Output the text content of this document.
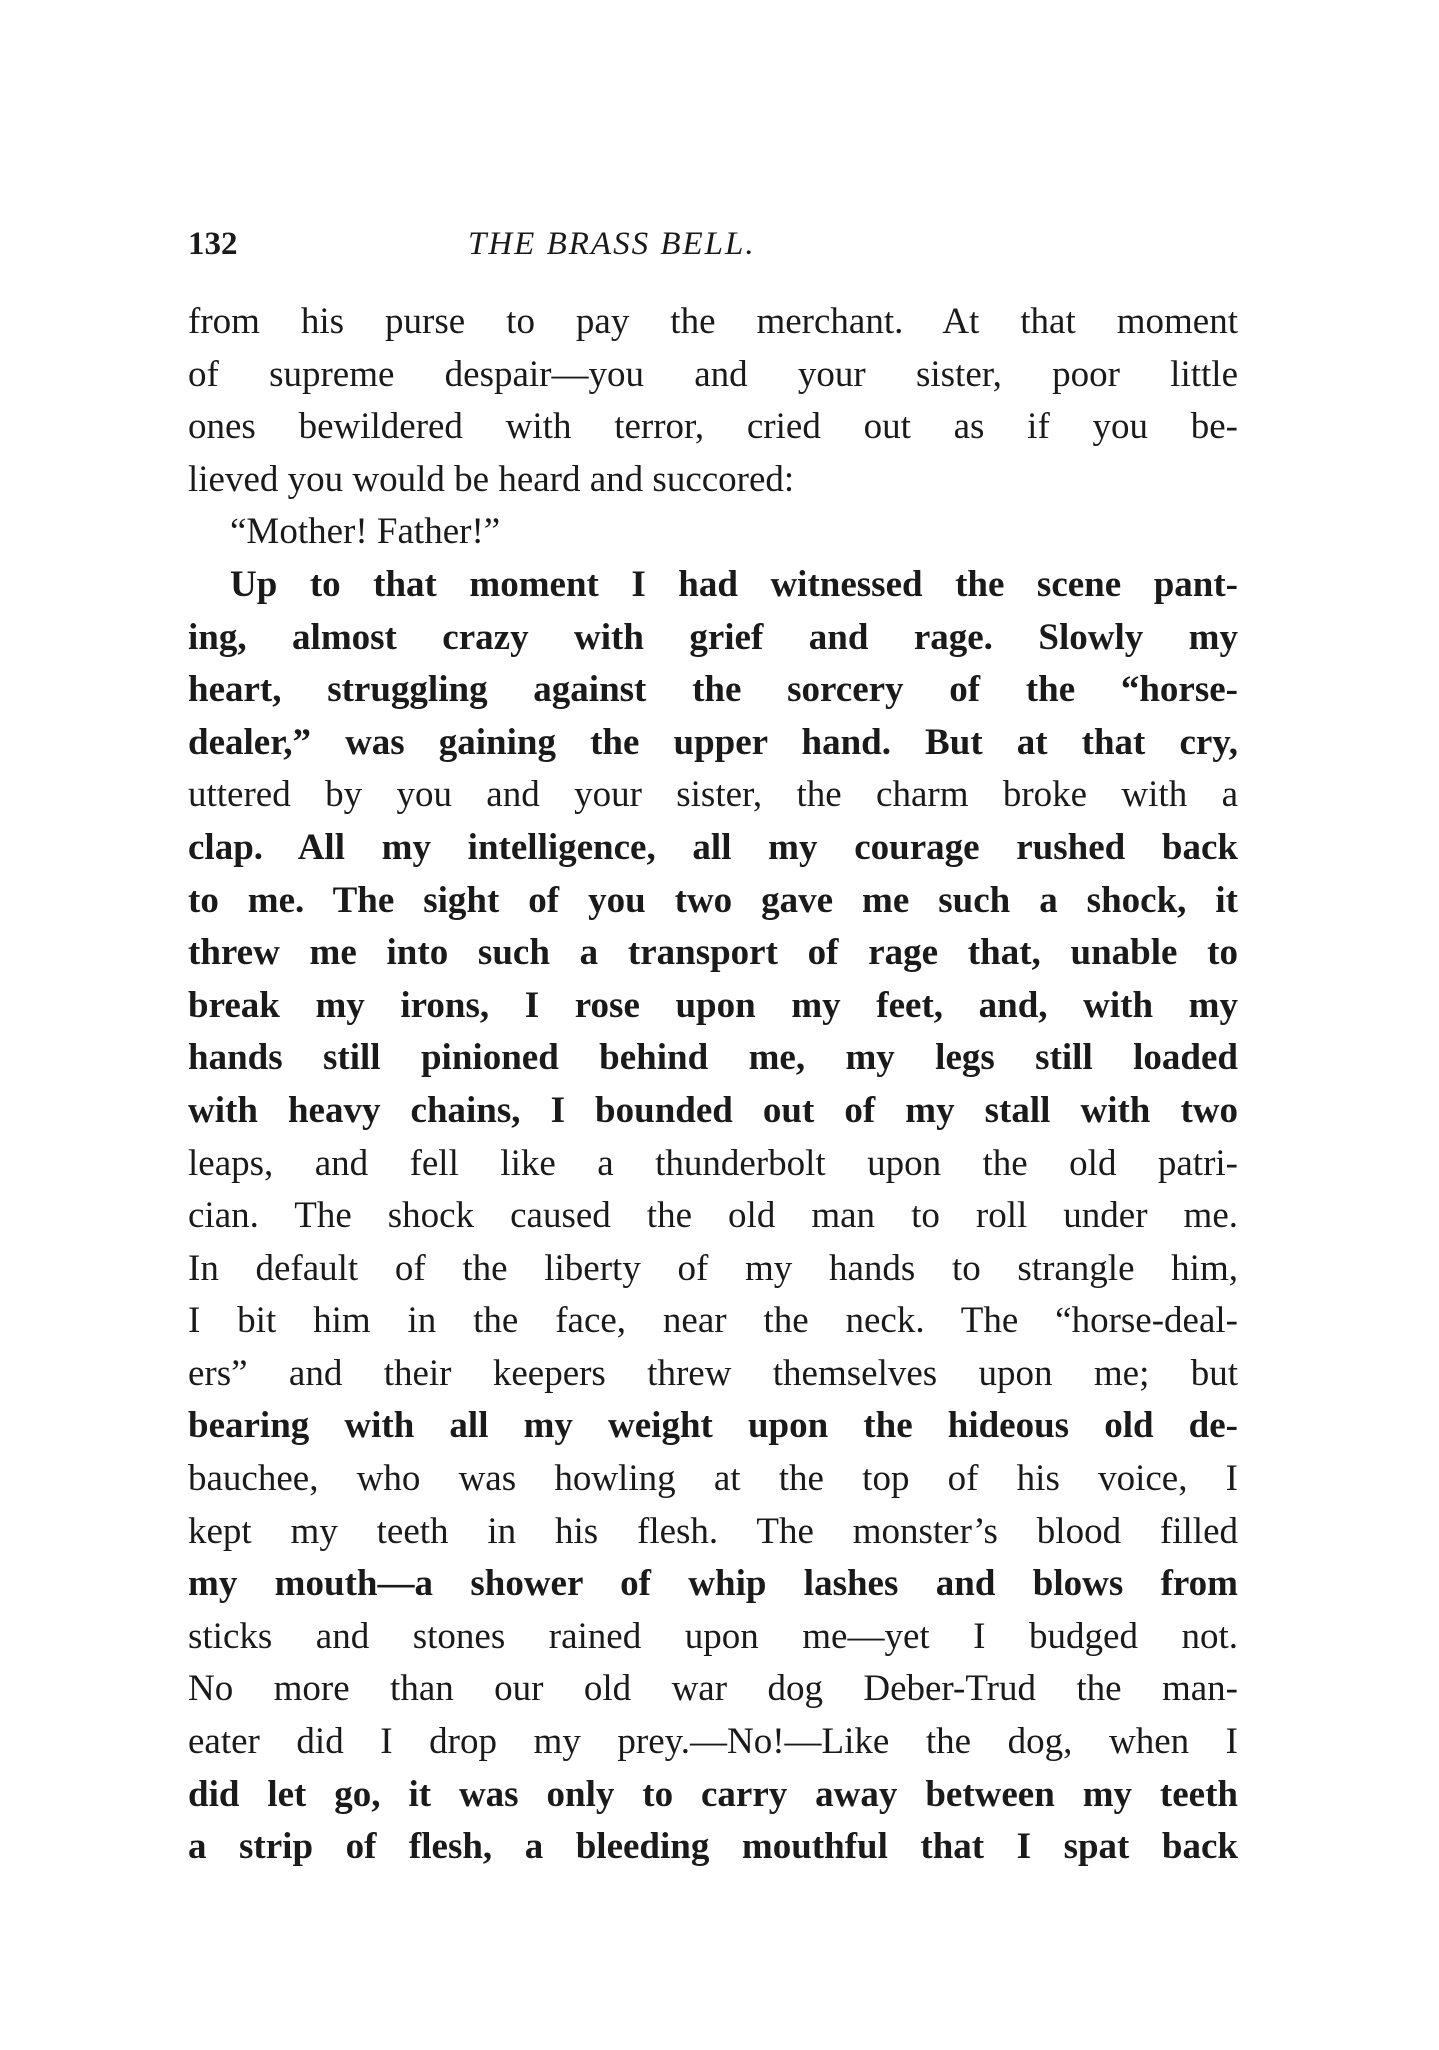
132	THE BRASS BELL.
from his purse to pay the merchant. At that moment
of supreme despair—you and your sister, poor little
ones bewildered with terror, cried out as if you be-
lieved you would be heard and succored:
“Mother! Father!”
Up to that moment I had witnessed the scene pant-
ing, almost crazy with grief and rage. Slowly my
heart, struggling against the sorcery of the “horse-
dealer,” was gaining the upper hand. But at that cry,
uttered by you and your sister, the charm broke with a
clap. All my intelligence, all my courage rushed back
to me. The sight of you two gave me such a shock, it
threw me into such a transport of rage that, unable to
break my irons, I rose upon my feet, and, with my
hands still pinioned behind me, my legs still loaded
with heavy chains, I bounded out of my stall with two
leaps, and fell like a thunderbolt upon the old patri-
cian. The shock caused the old man to roll under me.
In default of the liberty of my hands to strangle him,
I bit him in the face, near the neck. The “horse-deal-
ers” and their keepers threw themselves upon me; but
bearing with all my weight upon the hideous old de-
bauchee, who was howling at the top of his voice, I
kept my teeth in his flesh. The monster’s blood filled
my mouth—a shower of whip lashes and blows from
sticks and stones rained upon me—yet I budged not.
No more than our old war dog Deber-Trud the man-
eater did I drop my prey.—No!—Like the dog, when I
did let go, it was only to carry away between my teeth
a strip of flesh, a bleeding mouthful that I spat back
